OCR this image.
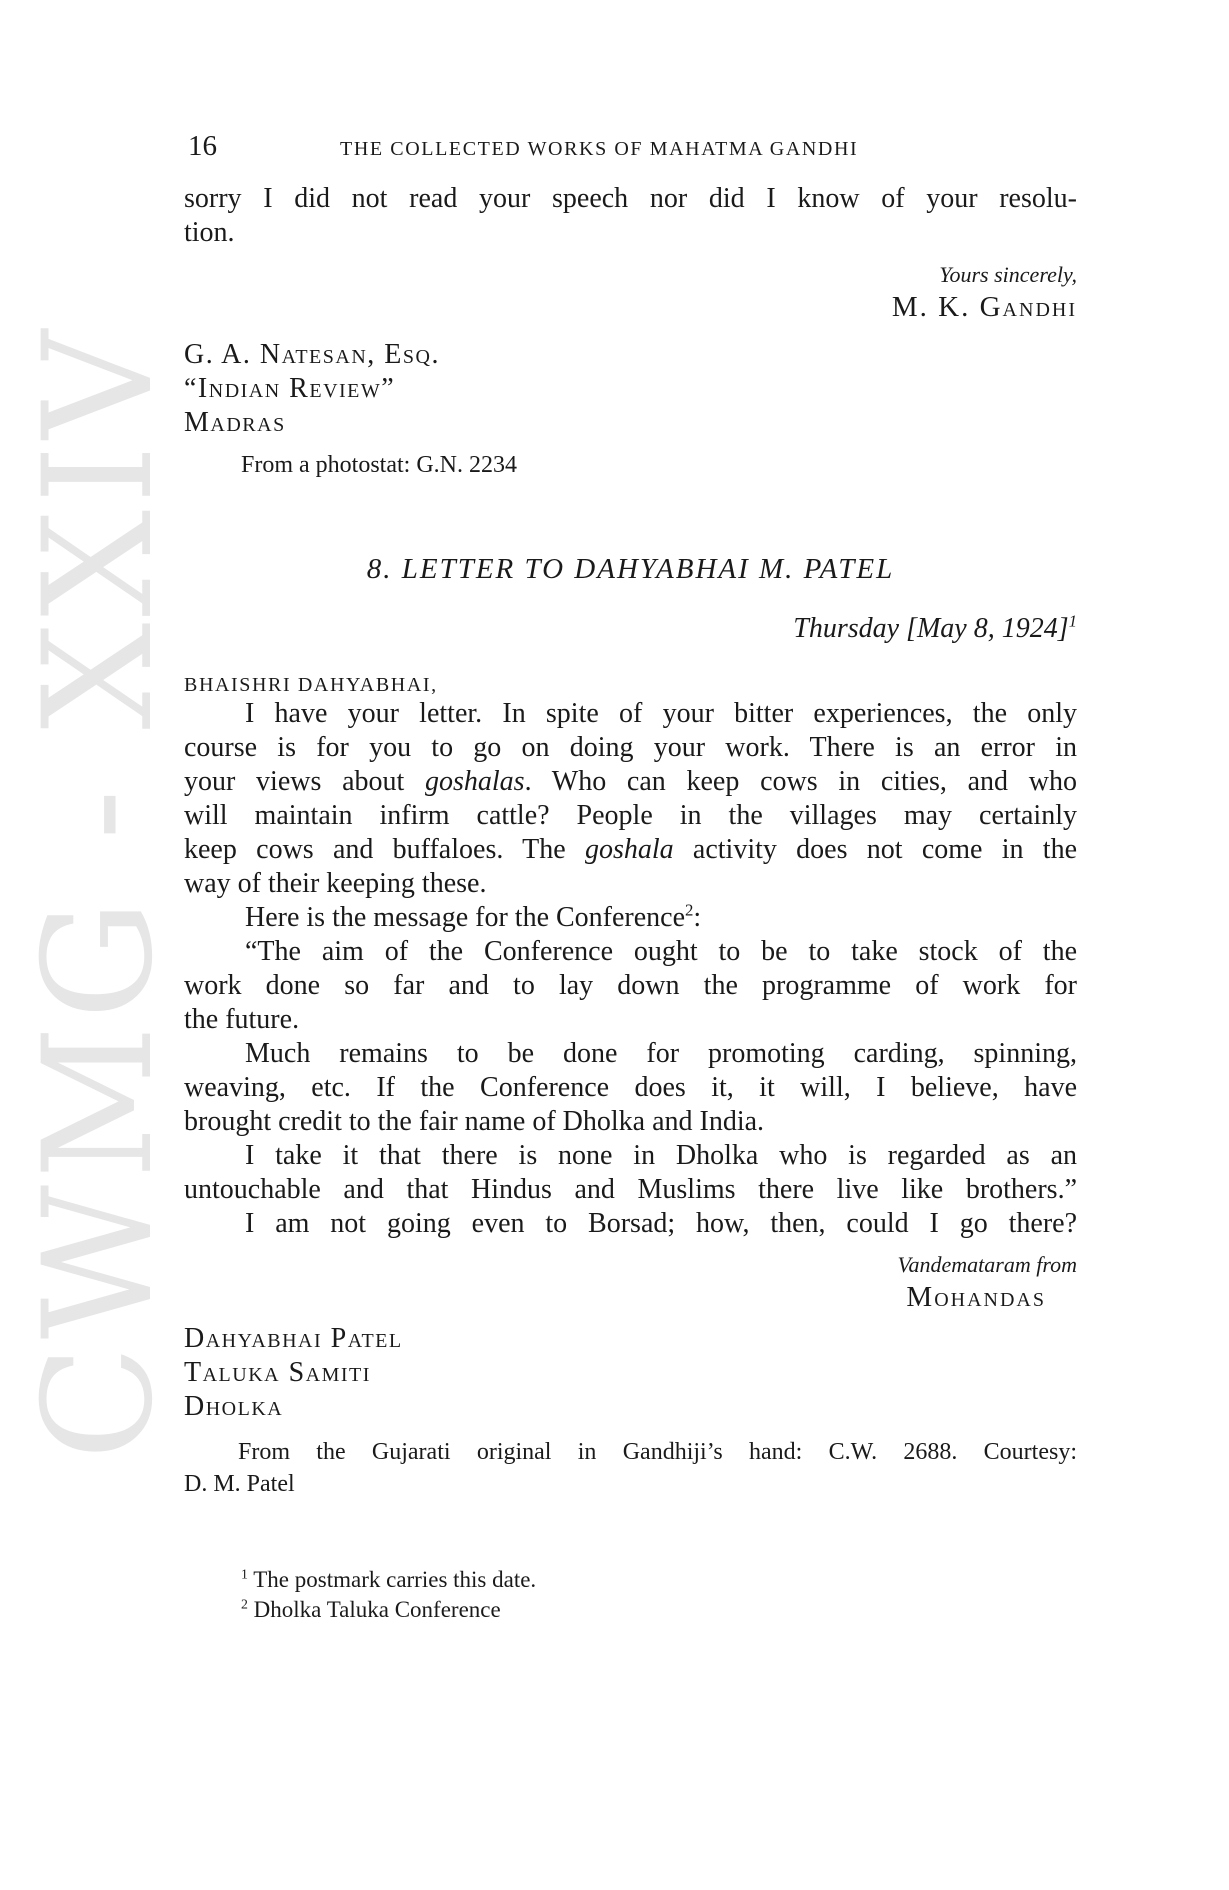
CWMG - XXIV
16	THE COLLECTED WORKS OF MAHATMA GANDHI
sorry I did not read your speech nor did I know of your resolu-
tion.
Yours sincerely,
M. K. Gandhi
G. A. Natesan, Esq.
“Indian Review”
Madras
From a photostat: G.N. 2234
8. LETTER TO DAHYABHAI M. PATEL
Thursday [May 8, 1924]$^1$
BHAISHRI DAHYABHAI,
I have your letter. In spite of your bitter experiences, the only
course is for you to go on doing your work. There is an error in
your views about goshalas. Who can keep cows in cities, and who
will maintain infirm cattle? People in the villages may certainly
keep cows and buffaloes. The goshala activity does not come in the
way of their keeping these.
Here is the message for the Conference$^2$:
“The aim of the Conference ought to be to take stock of the
work done so far and to lay down the programme of work for
the future.
Much remains to be done for promoting carding, spinning,
weaving, etc. If the Conference does it, it will, I believe, have
brought credit to the fair name of Dholka and India.
I take it that there is none in Dholka who is regarded as an
untouchable and that Hindus and Muslims there live like brothers.”
I am not going even to Borsad; how, then, could I go there?
Vandemataram from
Mohandas
Dahyabhai Patel
Taluka Samiti
Dholka
From the Gujarati original in Gandhiji’s hand: C.W. 2688. Courtesy:
D. M. Patel
$^1$ The postmark carries this date.
$^2$ Dholka Taluka Conference
